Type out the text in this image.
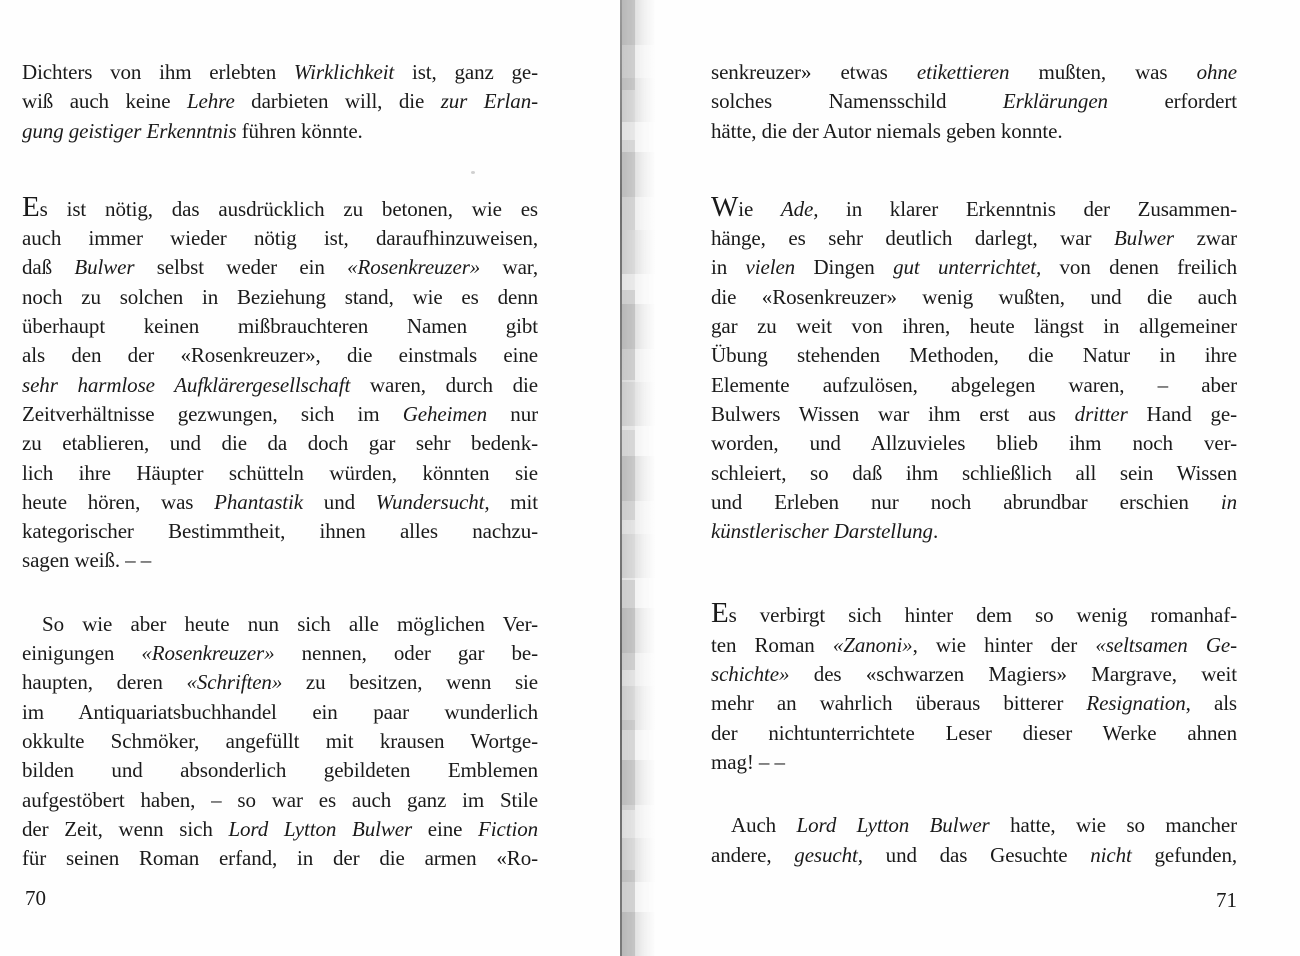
Dichters von ihm erlebten Wirklichkeit ist, ganz ge-
wiß auch keine Lehre darbieten will, die zur Erlan-
gung geistiger Erkenntnis führen könnte.
Es ist nötig, das ausdrücklich zu betonen, wie es
auch immer wieder nötig ist, daraufhinzuweisen,
daß Bulwer selbst weder ein «Rosenkreuzer» war,
noch zu solchen in Beziehung stand, wie es denn
überhaupt keinen mißbrauchteren Namen gibt
als den der «Rosenkreuzer», die einstmals eine
sehr harmlose Aufklärergesellschaft waren, durch die
Zeitverhältnisse gezwungen, sich im Geheimen nur
zu etablieren, und die da doch gar sehr bedenk-
lich ihre Häupter schütteln würden, könnten sie
heute hören, was Phantastik und Wundersucht, mit
kategorischer Bestimmtheit, ihnen alles nachzu-
sagen weiß. – –
So wie aber heute nun sich alle möglichen Ver-
einigungen «Rosenkreuzer» nennen, oder gar be-
haupten, deren «Schriften» zu besitzen, wenn sie
im Antiquariatsbuchhandel ein paar wunderlich
okkulte Schmöker, angefüllt mit krausen Wortge-
bilden und absonderlich gebildeten Emblemen
aufgestöbert haben, – so war es auch ganz im Stile
der Zeit, wenn sich Lord Lytton Bulwer eine Fiction
für seinen Roman erfand, in der die armen «Ro-
senkreuzer» etwas etikettieren mußten, was ohne
solches Namensschild Erklärungen erfordert
hätte, die der Autor niemals geben konnte.
Wie Ade, in klarer Erkenntnis der Zusammen-
hänge, es sehr deutlich darlegt, war Bulwer zwar
in vielen Dingen gut unterrichtet, von denen freilich
die «Rosenkreuzer» wenig wußten, und die auch
gar zu weit von ihren, heute längst in allgemeiner
Übung stehenden Methoden, die Natur in ihre
Elemente aufzulösen, abgelegen waren, – aber
Bulwers Wissen war ihm erst aus dritter Hand ge-
worden, und Allzuvieles blieb ihm noch ver-
schleiert, so daß ihm schließlich all sein Wissen
und Erleben nur noch abrundbar erschien in
künstlerischer Darstellung.
Es verbirgt sich hinter dem so wenig romanhaf-
ten Roman «Zanoni», wie hinter der «seltsamen Ge-
schichte» des «schwarzen Magiers» Margrave, weit
mehr an wahrlich überaus bitterer Resignation, als
der nichtunterrichtete Leser dieser Werke ahnen
mag! – –
Auch Lord Lytton Bulwer hatte, wie so mancher
andere, gesucht, und das Gesuchte nicht gefunden,
70	71
